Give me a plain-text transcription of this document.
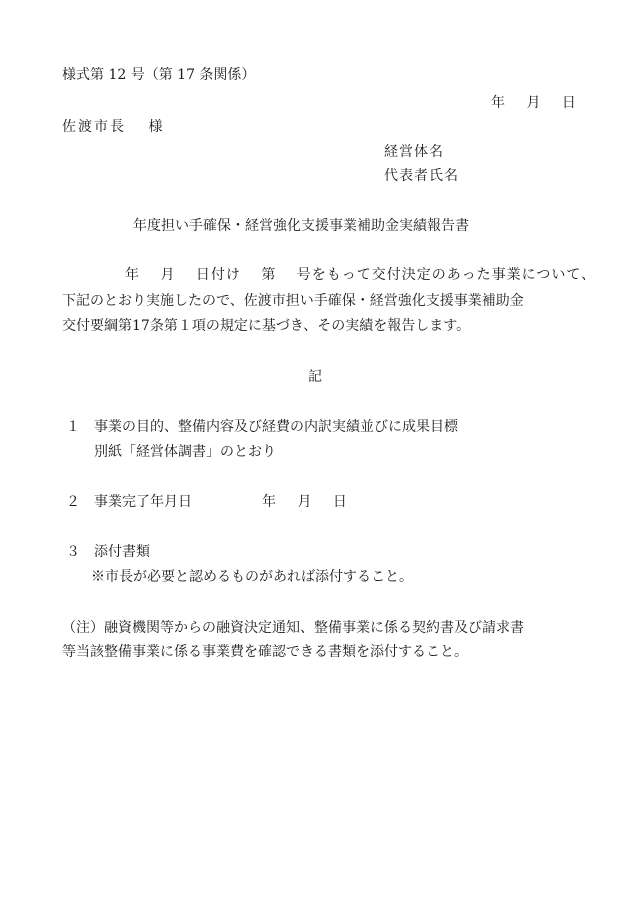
様式第 12 号（第 17 条関係）

年　 月　 日

佐渡市長　 様

経営体名

代表者氏名

年度担い手確保・経営強化支援事業補助金実績報告書

年　 月　 日付け　 第　 号をもって交付決定のあった事業について、

下記のとおり実施したので、佐渡市担い手確保・経営強化支援事業補助金

交付要綱第17条第１項の規定に基づき、その実績を報告します。

記

１ 事業の目的、整備内容及び経費の内訳実績並びに成果目標

別紙「経営体調書」のとおり

２ 事業完了年月日	年　 月　 日

３ 添付書類

※市長が必要と認めるものがあれば添付すること。

（注）融資機関等からの融資決定通知、整備事業に係る契約書及び請求書

等当該整備事業に係る事業費を確認できる書類を添付すること。
